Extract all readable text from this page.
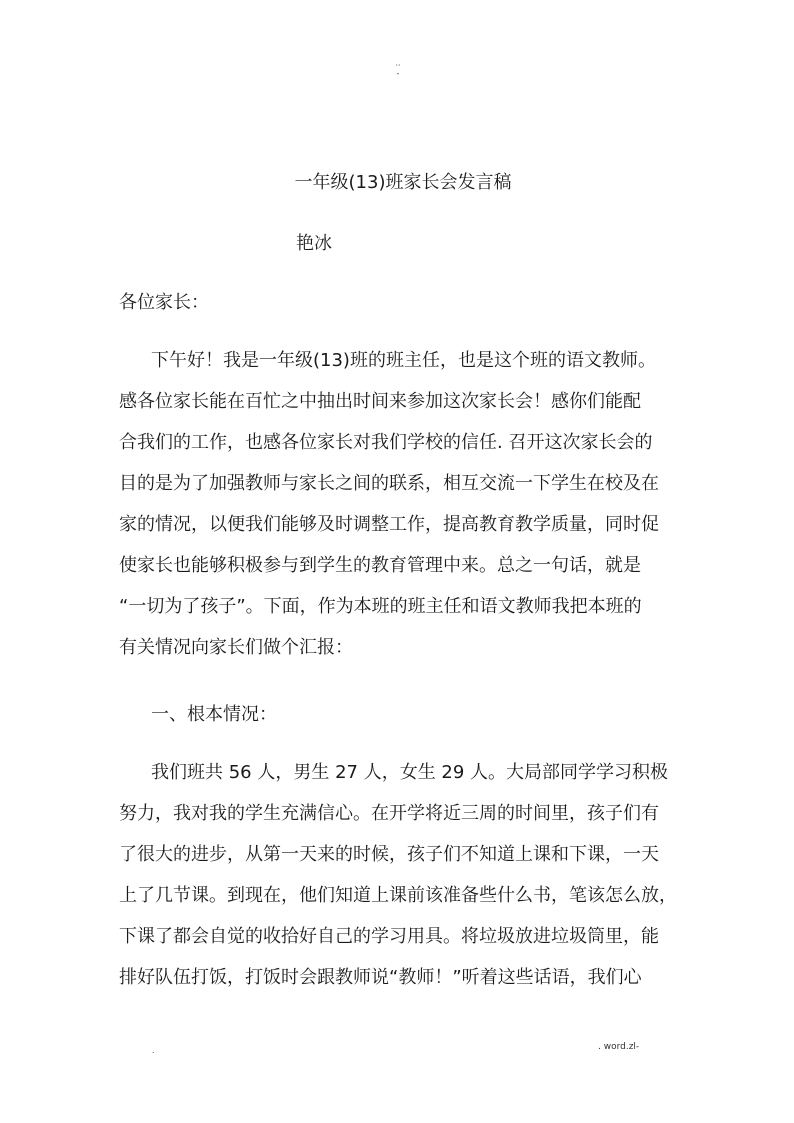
··
-
一年级(13)班家长会发言稿
艳冰
各位家长：
下午好！我是一年级(13)班的班主任，也是这个班的语文教师。
感各位家长能在百忙之中抽出时间来参加这次家长会！感你们能配
合我们的工作，也感各位家长对我们学校的信任. 召开这次家长会的
目的是为了加强教师与家长之间的联系，相互交流一下学生在校及在
家的情况，以便我们能够及时调整工作，提高教育教学质量，同时促
使家长也能够积极参与到学生的教育管理中来。总之一句话，就是
“一切为了孩子”。下面，作为本班的班主任和语文教师我把本班的
有关情况向家长们做个汇报：
一、根本情况：
我们班共 56 人，男生 27 人，女生 29 人。大局部同学学习积极
努力，我对我的学生充满信心。在开学将近三周的时间里，孩子们有
了很大的进步，从第一天来的时候，孩子们不知道上课和下课，一天
上了几节课。到现在，他们知道上课前该准备些什么书，笔该怎么放，
下课了都会自觉的收拾好自己的学习用具。将垃圾放进垃圾筒里，能
排好队伍打饭，打饭时会跟教师说“教师！”听着这些话语，我们心
.	. word.zl-
